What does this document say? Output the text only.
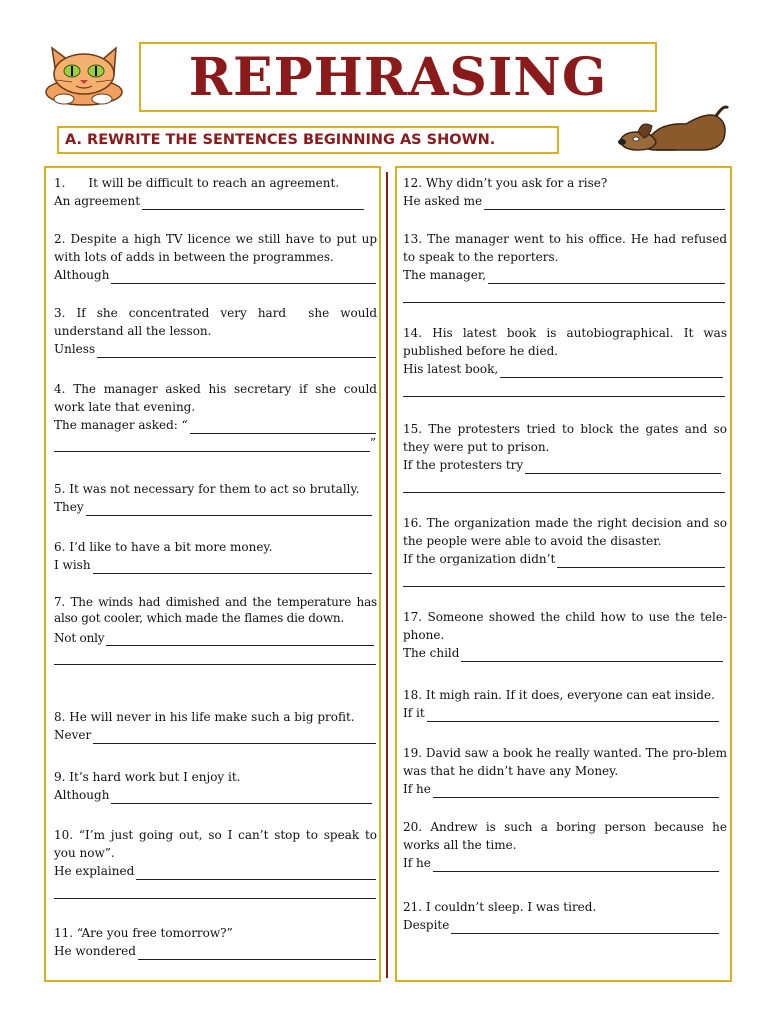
REPHRASING
A. REWRITE THE SENTENCES BEGINNING AS SHOWN.
1.      It will be difficult to reach an agreement.
An agreement
2. Despite a high TV licence we still have to put up with lots of adds in between the programmes.
Although
3.  If  she  concentrated  very  hard    she  would understand all the lesson.
Unless
4.  The  manager  asked  his  secretary  if  she  could work late that evening.
The manager asked: “
”
5. It was not necessary for them to act so brutally.
They
6. I’d like to have a bit more money.
I wish
7. The winds had dimished and the temperature has also got cooler, which made the flames die down.
Not only
8. He will never in his life make such a big profit.
Never
9. It’s hard work but I enjoy it.
Although
10. “I’m just going out, so I can’t stop to speak to you now”.
He explained
11. “Are you free tomorrow?”
He wondered
12. Why didn’t you ask for a rise?
He asked me
13. The manager went to his office. He had refused to speak to the reporters.
The manager,
14.  His  latest  book  is  autobiographical.  It  was published before he died.
His latest book,
15. The protesters tried to block the gates and so they were put to prison.
If the protesters try
16. The organization made the right decision and so the people were able to avoid the disaster.
If the organization didn’t
17. Someone showed the child how to use the tele-phone.
The child
18. It migh rain. If it does, everyone can eat inside.
If it
19. David saw a book he really wanted. The pro-blem was that he didn’t have any Money.
If he
20. Andrew is such a boring person because he works all the time.
If he
21. I couldn’t sleep. I was tired.
Despite
